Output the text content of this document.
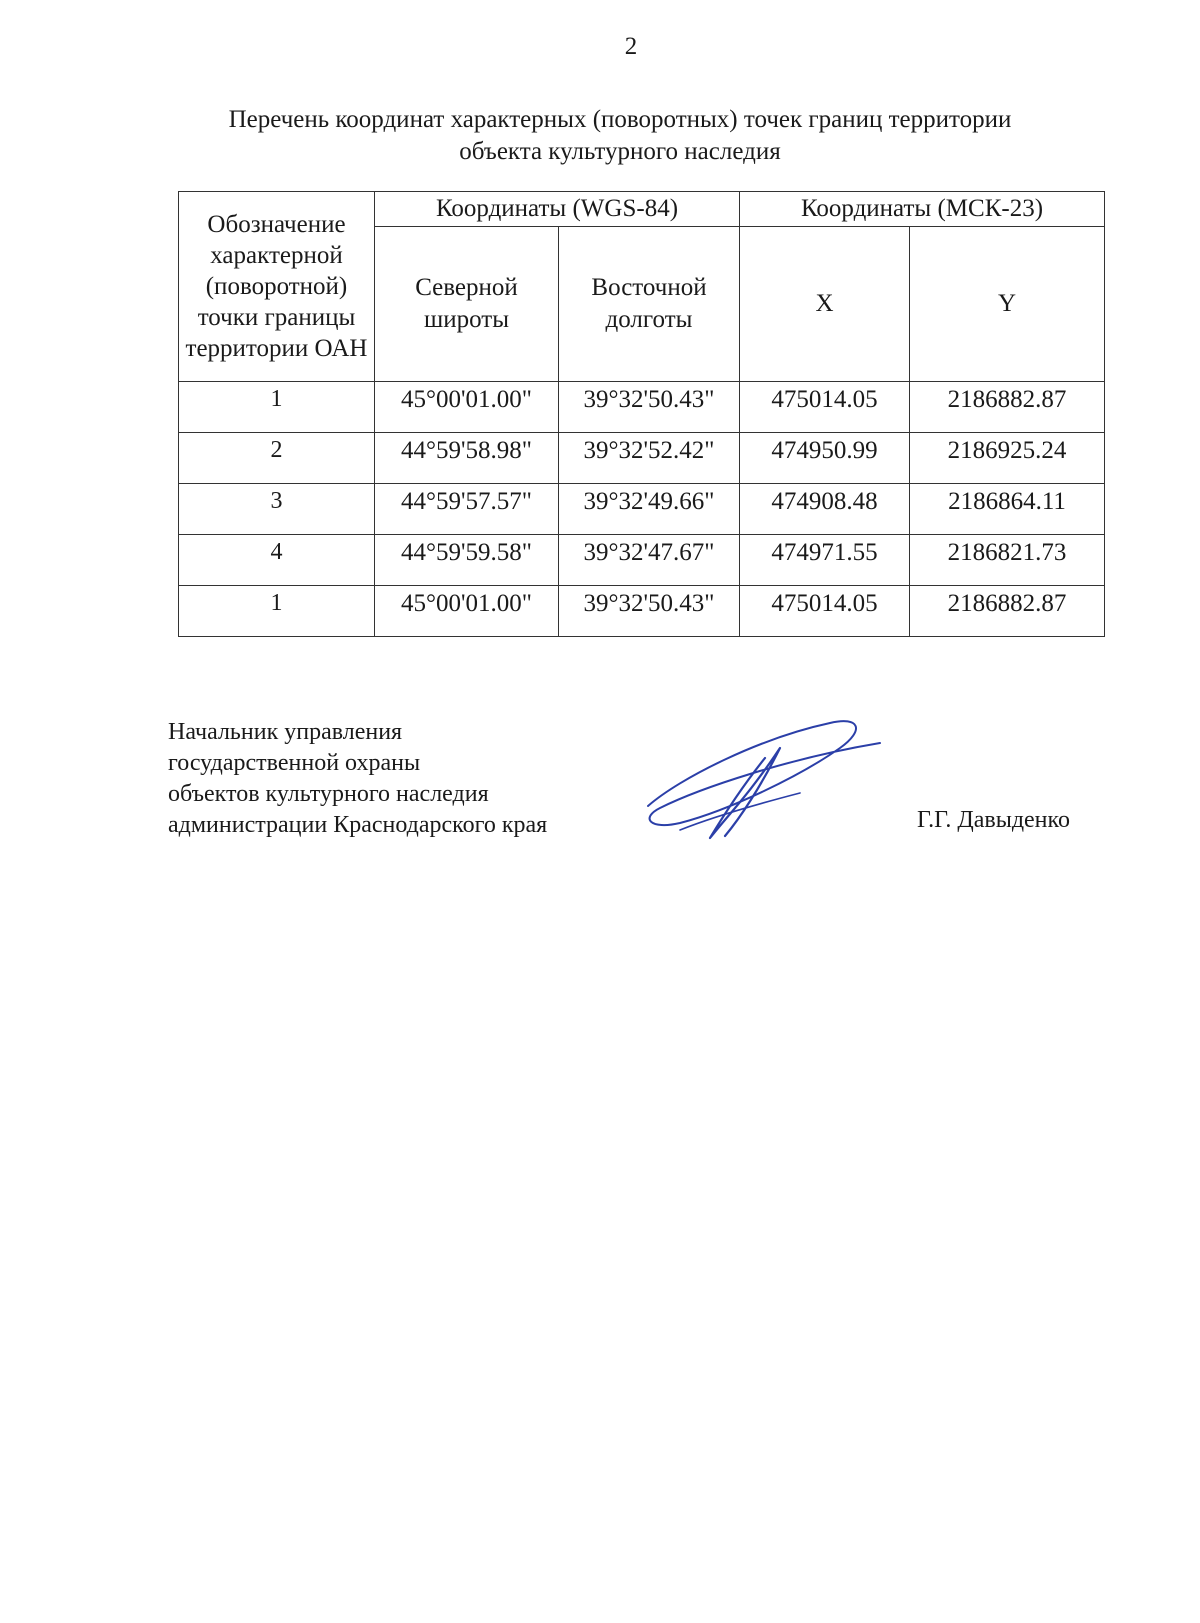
2
Перечень координат характерных (поворотных) точек границ территории
объекта культурного наследия
Обозначение характерной (поворотной) точки границы территории ОАН	Координаты (WGS-84)		Координаты (МСК-23)	
	Северной широты	Восточной долготы	X	Y
1	45°00'01.00"	39°32'50.43"	475014.05	2186882.87
2	44°59'58.98"	39°32'52.42"	474950.99	2186925.24
3	44°59'57.57"	39°32'49.66"	474908.48	2186864.11
4	44°59'59.58"	39°32'47.67"	474971.55	2186821.73
1	45°00'01.00"	39°32'50.43"	475014.05	2186882.87
Начальник управления
государственной охраны
объектов культурного наследия
администрации Краснодарского края	Г.Г. Давыденко
